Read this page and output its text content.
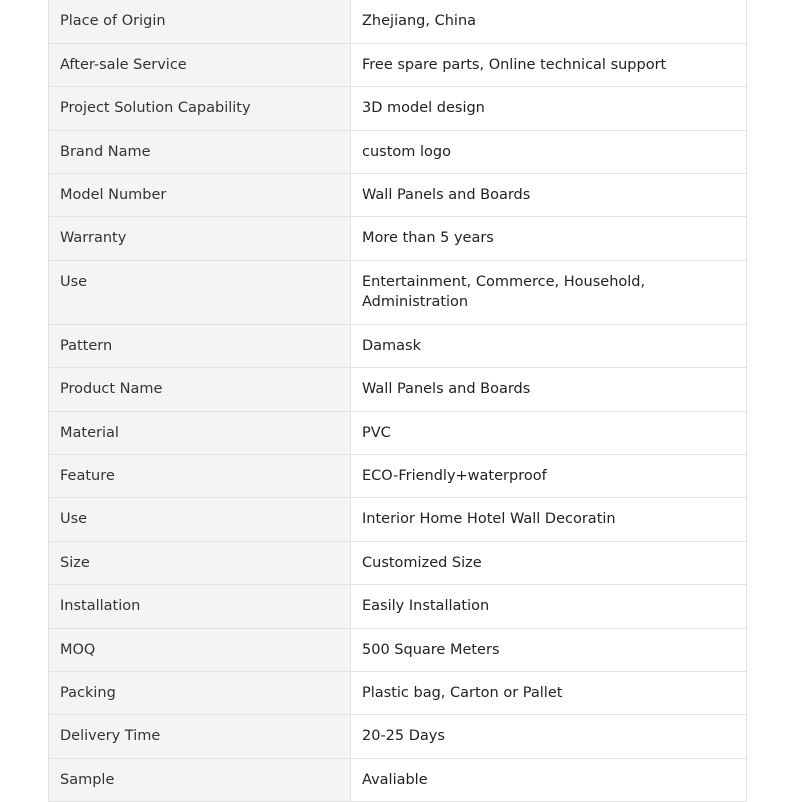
Place of Origin	Zhejiang, China
After-sale Service	Free spare parts, Online technical support
Project Solution Capability	3D model design
Brand Name	custom logo
Model Number	Wall Panels and Boards
Warranty	More than 5 years
Use	Entertainment, Commerce, Household, Administration
Pattern	Damask
Product Name	Wall Panels and Boards
Material	PVC
Feature	ECO-Friendly+waterproof
Use	Interior Home Hotel Wall Decoratin
Size	Customized Size
Installation	Easily Installation
MOQ	500 Square Meters
Packing	Plastic bag, Carton or Pallet
Delivery Time	20-25 Days
Sample	Avaliable
